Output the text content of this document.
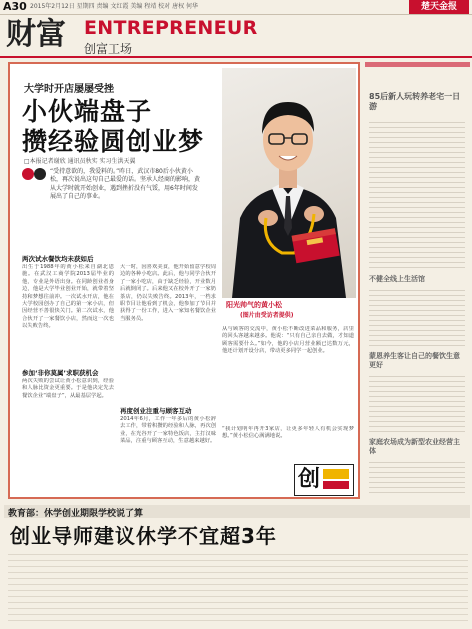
A30 2015年2月12日 星期四 责编 文红霞 美编 程靖 校对 唐权 何华	楚天金报
财富 ENTREPRENEUR
创富工场
大学时开店屡屡受挫
小伙端盘子
攒经验圆创业梦
□本报记者谢欣 通讯员秋实 实习生洪天翼
“受持意欲的，我爱料的。”昨日，武汉市80后小伙黄小松，再次说出这句自己最爱的话。坚承人经商的影响，黄从大学时就开始创业，遇到挫折没有气馁，用6年时间发展出了自己的事业。
阳光帅气的黄小松
(图片由受访者提供)
两次试水餐饮均未获如后
出生于1988年的黄小松来自湖北恩施。在武汉工商学院2013届毕业的他，专业是外语出身。在同龄创业者身边，他是大学毕业创业开始，就带着坚持和梦想往前冲。一次试水开店，他在大学校园创办了自己的第一家小店，但因经营不善很快关门。第二次试水，他合伙开了一家餐饮小店，然而这一次也以失败告终。
参加‘非你莫属’求职获机会
两次失败的尝试让黄小松意识到，经验和人脉比资金更重要。于是他决定先去餐饮企业“端盘子”，从最基层学起。
大一时，因喜欢美食，他开始留意学校周边的各种小吃店。此后，他与同学合伙开了一家小吃店，由于缺乏经验，开业数月后就倒闭了。后来他又在校外开了一家奶茶店，仍以失败告终。2013年，一档求职节目让他看到了机会，他参加了节目并获得了一份工作，进入一家知名餐饮企业当服务员。
再度创业注重与顾客互动
2014年6月，工作一年多后的黄小松辞去工作，带着积攒的经验和人脉，再次创业，在光谷开了一家特色饭店，主打汉味菜品，注重与顾客互动，生意越来越好。
从与顾客的交流中，黄小松不断改进菜品和服务，店里的回头客越来越多。他说：“只有自己亲自去做，才知道顾客需要什么。”如今，他的小店月营业额已达数万元，他还计划开设分店，带动更多同学一起创业。
“我计划明年再开3家店，让更多年轻人有机会实现梦想。”黄小松信心满满地说。
创
85后新人玩转养老宅一日游
不健全线上生活馆
蒙恩养生客让自己的餐饮生意更好
家庭农场成为新型农业经营主体
教育部：休学创业期限学校说了算
创业导师建议休学不宜超3年
